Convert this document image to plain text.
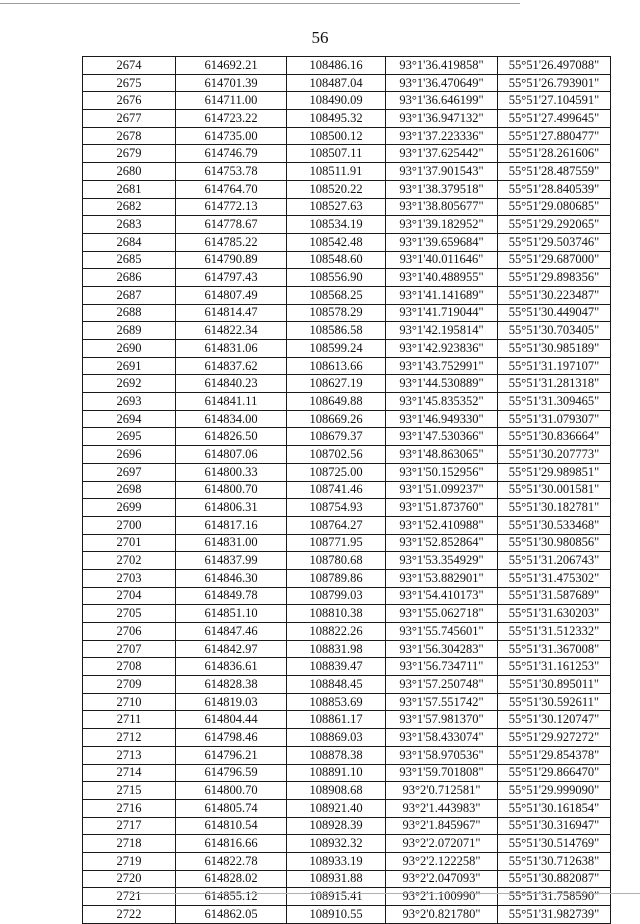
56
2674	614692.21	108486.16	93°1'36.419858"	55°51'26.497088"
2675	614701.39	108487.04	93°1'36.470649"	55°51'26.793901"
2676	614711.00	108490.09	93°1'36.646199"	55°51'27.104591"
2677	614723.22	108495.32	93°1'36.947132"	55°51'27.499645"
2678	614735.00	108500.12	93°1'37.223336"	55°51'27.880477"
2679	614746.79	108507.11	93°1'37.625442"	55°51'28.261606"
2680	614753.78	108511.91	93°1'37.901543"	55°51'28.487559"
2681	614764.70	108520.22	93°1'38.379518"	55°51'28.840539"
2682	614772.13	108527.63	93°1'38.805677"	55°51'29.080685"
2683	614778.67	108534.19	93°1'39.182952"	55°51'29.292065"
2684	614785.22	108542.48	93°1'39.659684"	55°51'29.503746"
2685	614790.89	108548.60	93°1'40.011646"	55°51'29.687000"
2686	614797.43	108556.90	93°1'40.488955"	55°51'29.898356"
2687	614807.49	108568.25	93°1'41.141689"	55°51'30.223487"
2688	614814.47	108578.29	93°1'41.719044"	55°51'30.449047"
2689	614822.34	108586.58	93°1'42.195814"	55°51'30.703405"
2690	614831.06	108599.24	93°1'42.923836"	55°51'30.985189"
2691	614837.62	108613.66	93°1'43.752991"	55°51'31.197107"
2692	614840.23	108627.19	93°1'44.530889"	55°51'31.281318"
2693	614841.11	108649.88	93°1'45.835352"	55°51'31.309465"
2694	614834.00	108669.26	93°1'46.949330"	55°51'31.079307"
2695	614826.50	108679.37	93°1'47.530366"	55°51'30.836664"
2696	614807.06	108702.56	93°1'48.863065"	55°51'30.207773"
2697	614800.33	108725.00	93°1'50.152956"	55°51'29.989851"
2698	614800.70	108741.46	93°1'51.099237"	55°51'30.001581"
2699	614806.31	108754.93	93°1'51.873760"	55°51'30.182781"
2700	614817.16	108764.27	93°1'52.410988"	55°51'30.533468"
2701	614831.00	108771.95	93°1'52.852864"	55°51'30.980856"
2702	614837.99	108780.68	93°1'53.354929"	55°51'31.206743"
2703	614846.30	108789.86	93°1'53.882901"	55°51'31.475302"
2704	614849.78	108799.03	93°1'54.410173"	55°51'31.587689"
2705	614851.10	108810.38	93°1'55.062718"	55°51'31.630203"
2706	614847.46	108822.26	93°1'55.745601"	55°51'31.512332"
2707	614842.97	108831.98	93°1'56.304283"	55°51'31.367008"
2708	614836.61	108839.47	93°1'56.734711"	55°51'31.161253"
2709	614828.38	108848.45	93°1'57.250748"	55°51'30.895011"
2710	614819.03	108853.69	93°1'57.551742"	55°51'30.592611"
2711	614804.44	108861.17	93°1'57.981370"	55°51'30.120747"
2712	614798.46	108869.03	93°1'58.433074"	55°51'29.927272"
2713	614796.21	108878.38	93°1'58.970536"	55°51'29.854378"
2714	614796.59	108891.10	93°1'59.701808"	55°51'29.866470"
2715	614800.70	108908.68	93°2'0.712581"	55°51'29.999090"
2716	614805.74	108921.40	93°2'1.443983"	55°51'30.161854"
2717	614810.54	108928.39	93°2'1.845967"	55°51'30.316947"
2718	614816.66	108932.32	93°2'2.072071"	55°51'30.514769"
2719	614822.78	108933.19	93°2'2.122258"	55°51'30.712638"
2720	614828.02	108931.88	93°2'2.047093"	55°51'30.882087"
2721	614855.12	108915.41	93°2'1.100990"	55°51'31.758590"
2722	614862.05	108910.55	93°2'0.821780"	55°51'31.982739"
